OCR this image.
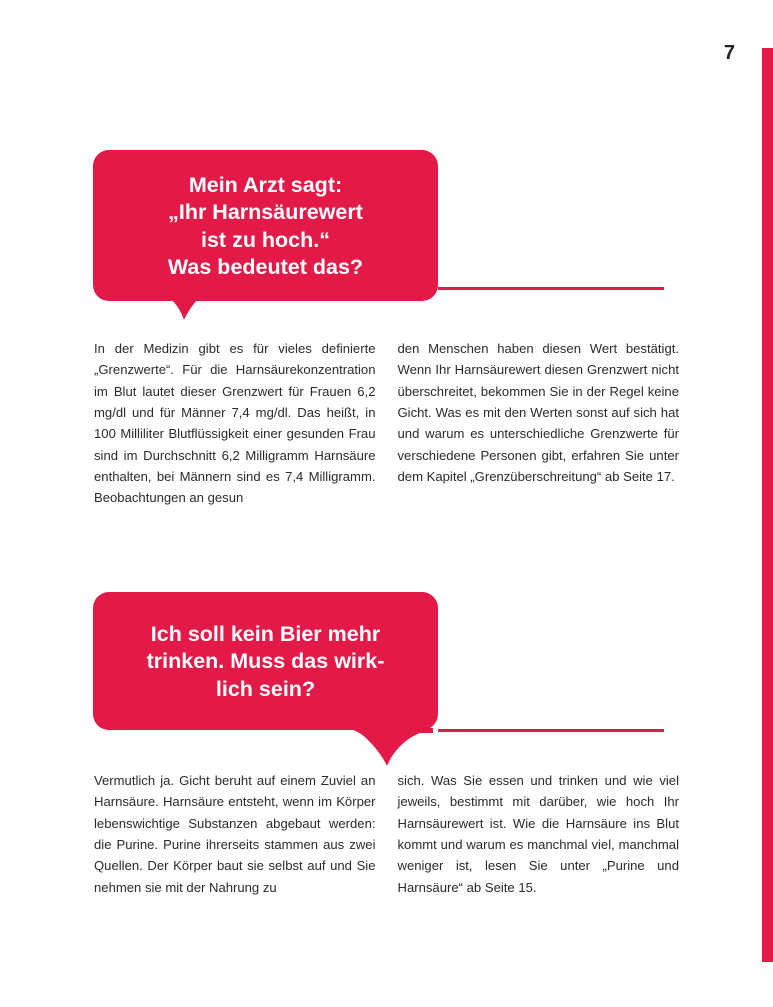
7
Mein Arzt sagt:
„Ihr Harnsäurewert
ist zu hoch.“
Was bedeutet das?

In der Medizin gibt es für vieles definierte „Grenzwerte“. Für die Harnsäurekonzentration im Blut lautet dieser Grenzwert für Frauen 6,2 mg/dl und für Männer 7,4 mg/dl. Das heißt, in 100 Milliliter Blutflüssigkeit einer gesunden Frau sind im Durchschnitt 6,2 Milligramm Harnsäure enthalten, bei Männern sind es 7,4 Milligramm. Beobachtungen an gesun

den Menschen haben diesen Wert bestätigt. Wenn Ihr Harnsäurewert diesen Grenzwert nicht überschreitet, bekommen Sie in der Regel keine Gicht. Was es mit den Werten sonst auf sich hat und warum es unterschiedliche Grenzwerte für verschiedene Personen gibt, erfahren Sie unter dem Kapitel „Grenzüberschreitung“ ab Seite 17.

Ich soll kein Bier mehr
trinken. Muss das wirk-
lich sein?

Vermutlich ja. Gicht beruht auf einem Zuviel an Harnsäure. Harnsäure entsteht, wenn im Körper lebenswichtige Substanzen abgebaut werden: die Purine. Purine ihrerseits stammen aus zwei Quellen. Der Körper baut sie selbst auf und Sie nehmen sie mit der Nahrung zu

sich. Was Sie essen und trinken und wie viel jeweils, bestimmt mit darüber, wie hoch Ihr Harnsäurewert ist. Wie die Harnsäure ins Blut kommt und warum es manchmal viel, manchmal weniger ist, lesen Sie unter „Purine und Harnsäure“ ab Seite 15.
